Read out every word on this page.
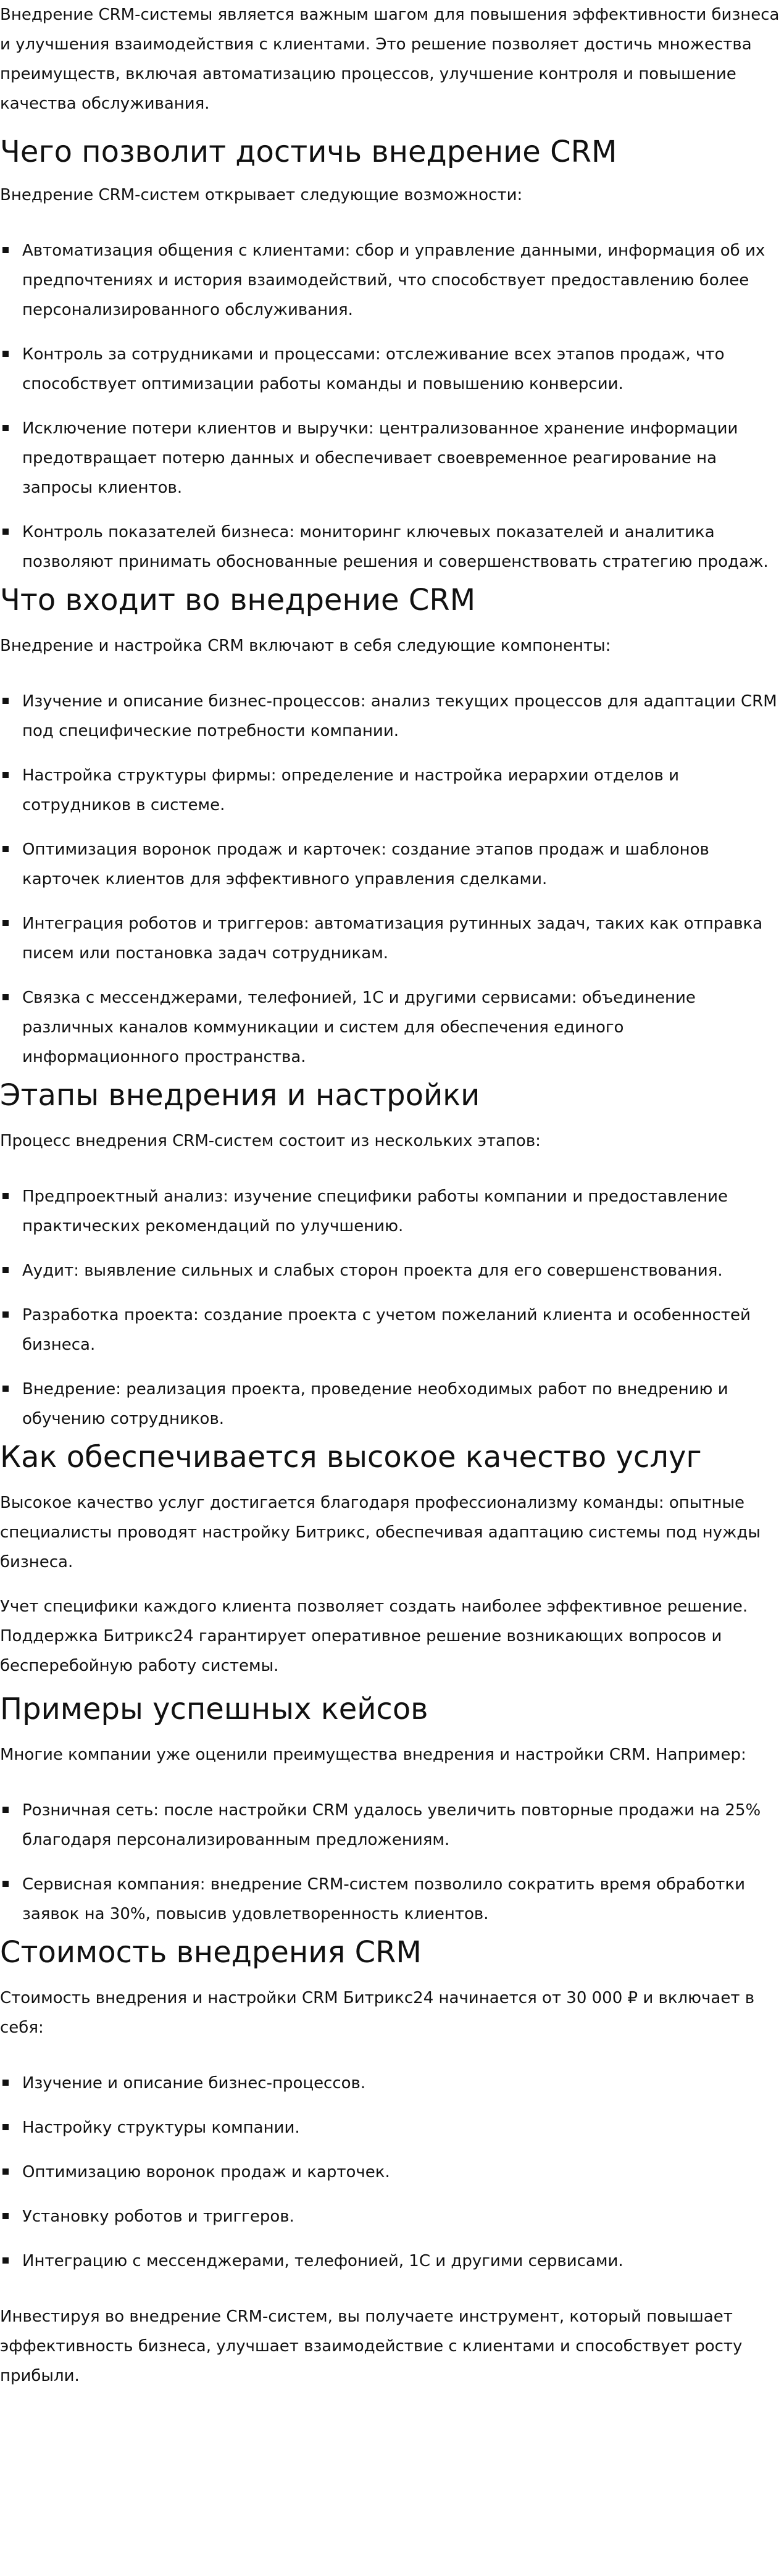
Внедрение CRM-системы является важным шагом для повышения эффективности бизнеса и улучшения взаимодействия с клиентами. Это решение позволяет достичь множества преимуществ, включая автоматизацию процессов, улучшение контроля и повышение качества обслуживания.

Чего позволит достичь внедрение CRM

Внедрение CRM-систем открывает следующие возможности:

Автоматизация общения с клиентами: сбор и управление данными, информация об их предпочтениях и история взаимодействий, что способствует предоставлению более персонализированного обслуживания.
Контроль за сотрудниками и процессами: отслеживание всех этапов продаж, что способствует оптимизации работы команды и повышению конверсии.
Исключение потери клиентов и выручки: централизованное хранение информации предотвращает потерю данных и обеспечивает своевременное реагирование на запросы клиентов.
Контроль показателей бизнеса: мониторинг ключевых показателей и аналитика позволяют принимать обоснованные решения и совершенствовать стратегию продаж.
Что входит во внедрение CRM

Внедрение и настройка CRM включают в себя следующие компоненты:

Изучение и описание бизнес-процессов: анализ текущих процессов для адаптации CRM под специфические потребности компании.
Настройка структуры фирмы: определение и настройка иерархии отделов и сотрудников в системе.
Оптимизация воронок продаж и карточек: создание этапов продаж и шаблонов карточек клиентов для эффективного управления сделками.
Интеграция роботов и триггеров: автоматизация рутинных задач, таких как отправка писем или постановка задач сотрудникам.
Связка с мессенджерами, телефонией, 1С и другими сервисами: объединение различных каналов коммуникации и систем для обеспечения единого информационного пространства.
Этапы внедрения и настройки

Процесс внедрения CRM-систем состоит из нескольких этапов:

Предпроектный анализ: изучение специфики работы компании и предоставление практических рекомендаций по улучшению.
Аудит: выявление сильных и слабых сторон проекта для его совершенствования.
Разработка проекта: создание проекта с учетом пожеланий клиента и особенностей бизнеса.
Внедрение: реализация проекта, проведение необходимых работ по внедрению и обучению сотрудников.
Как обеспечивается высокое качество услуг

Высокое качество услуг достигается благодаря профессионализму команды: опытные специалисты проводят настройку Битрикс, обеспечивая адаптацию системы под нужды бизнеса.

Учет специфики каждого клиента позволяет создать наиболее эффективное решение. Поддержка Битрикс24 гарантирует оперативное решение возникающих вопросов и бесперебойную работу системы.

Примеры успешных кейсов

Многие компании уже оценили преимущества внедрения и настройки CRM. Например:

Розничная сеть: после настройки CRM удалось увеличить повторные продажи на 25% благодаря персонализированным предложениям.
Сервисная компания: внедрение CRM-систем позволило сократить время обработки заявок на 30%, повысив удовлетворенность клиентов.
Стоимость внедрения CRM

Стоимость внедрения и настройки CRM Битрикс24 начинается от 30 000 ₽ и включает в себя:

Изучение и описание бизнес-процессов.
Настройку структуры компании.
Оптимизацию воронок продаж и карточек.
Установку роботов и триггеров.
Интеграцию с мессенджерами, телефонией, 1С и другими сервисами.

Инвестируя во внедрение CRM-систем, вы получаете инструмент, который повышает эффективность бизнеса, улучшает взаимодействие с клиентами и способствует росту прибыли.
